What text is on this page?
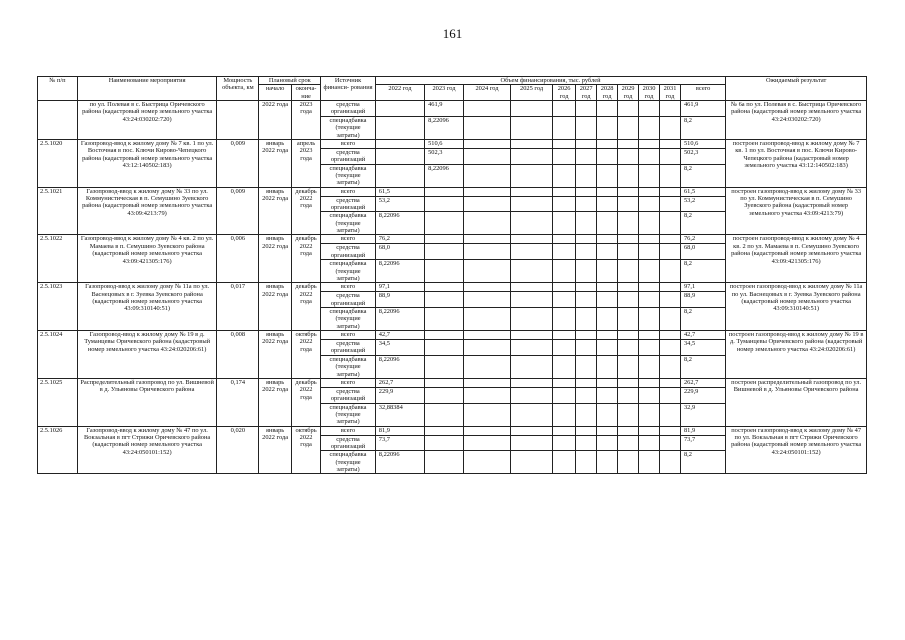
161
№ п/п	Наименование мероприятия	Мощность объекта, км	Плановый срок		Источник финанси- рования	Объем финансирования, тыс. рублей											Ожидаемый результат
			начало	оконча- ние		2022 год	2023 год	2024 год	2025 год	2026 год	2027 год	2028 год	2029 год	2030 год	2031 год	всего	
	по ул. Полевая в с. Быстрица Оричевского района (кадастровый номер земельного участка 43:24:030202:720)		2022 года	2023 года	средства организаций		461,9									461,9	№ 6а по ул. Полевая в с. Быстрица Оричевского района (кадастровый номер земельного участка 43:24:030202:720)
					спецнадбавка (текущие затраты)		8,22096									8,2	
2.5.1020	Газопровод-ввод к жилому дому № 7 кв. 1 по ул. Восточная в пос. Ключи Кирово-Чепецкого района (кадастровый номер земельного участка 43:12:140502:183)	0,009	январь 2022 года	апрель 2023 года	всего		510,6									510,6	построен газопровод-ввод к жилому дому № 7 кв. 1 по ул. Восточная в пос. Ключи Кирово-Чепецкого района (кадастровый номер земельного участка 43:12:140502:183)
					средства организаций		502,3									502,3	
					спецнадбавка (текущие затраты)		8,22096									8,2	
2.5.1021	Газопровод-ввод к жилому дому № 33 по ул. Коммунистическая в п. Семушино Зуевского района (кадастровый номер земельного участка 43:09:4213:79)	0,009	январь 2022 года	декабрь 2022 года	всего	61,5										61,5	построен газопровод-ввод к жилому дому № 33 по ул. Коммунистическая в п. Семушино Зуевского района (кадастровый номер земельного участка 43:09:4213:79)
					средства организаций	53,2										53,2	
					спецнадбавка (текущие затраты)	8,22096										8,2	
2.5.1022	Газопровод-ввод к жилому дому № 4 кв. 2 по ул. Мамаева в п. Семушино Зуевского района (кадастровый номер земельного участка 43:09:421305:176)	0,006	январь 2022 года	декабрь 2022 года	всего	76,2										76,2	построен газопровод-ввод к жилому дому № 4 кв. 2 по ул. Мамаева в п. Семушино Зуевского района (кадастровый номер земельного участка 43:09:421305:176)
					средства организаций	68,0										68,0	
					спецнадбавка (текущие затраты)	8,22096										8,2	
2.5.1023	Газопровод-ввод к жилому дому № 11а по ул. Васнецовых в г. Зуевка Зуевского района (кадастровый номер земельного участка 43:09:310140:51)	0,017	январь 2022 года	декабрь 2022 года	всего	97,1										97,1	построен газопровод-ввод к жилому дому № 11а по ул. Васнецовых в г. Зуевка Зуевского района (кадастровый номер земельного участка 43:09:310140:51)
					средства организаций	88,9										88,9	
					спецнадбавка (текущие затраты)	8,22096										8,2	
2.5.1024	Газопровод-ввод к жилому дому № 19 в д. Туманцевы Оричевского района (кадастровый номер земельного участка 43:24:020206:61)	0,008	январь 2022 года	октябрь 2022 года	всего	42,7										42,7	построен газопровод-ввод к жилому дому № 19 в д. Туманцевы Оричевского района (кадастровый номер земельного участка 43:24:020206:61)
					средства организаций	34,5										34,5	
					спецнадбавка (текущие затраты)	8,22096										8,2	
2.5.1025	Распределительный газопровод по ул. Вишневой в д. Ульяновы Оричевского района	0,174	январь 2022 года	декабрь 2022 года	всего	262,7										262,7	построен распределительный газопровод по ул. Вишневой в д. Ульяновы Оричевского района
					средства организаций	229,9										229,9	
					спецнадбавка (текущие затраты)	32,88384										32,9	
2.5.1026	Газопровод-ввод к жилому дому № 47 по ул. Вокзальная в пгт Стрижи Оричевского района (кадастровый номер земельного участка 43:24:050101:152)	0,020	январь 2022 года	октябрь 2022 года	всего	81,9										81,9	построен газопровод-ввод к жилому дому № 47 по ул. Вокзальная в пгт Стрижи Оричевского района (кадастровый номер земельного участка 43:24:050101:152)
					средства организаций	73,7										73,7	
					спецнадбавка (текущие затраты)	8,22096										8,2	
